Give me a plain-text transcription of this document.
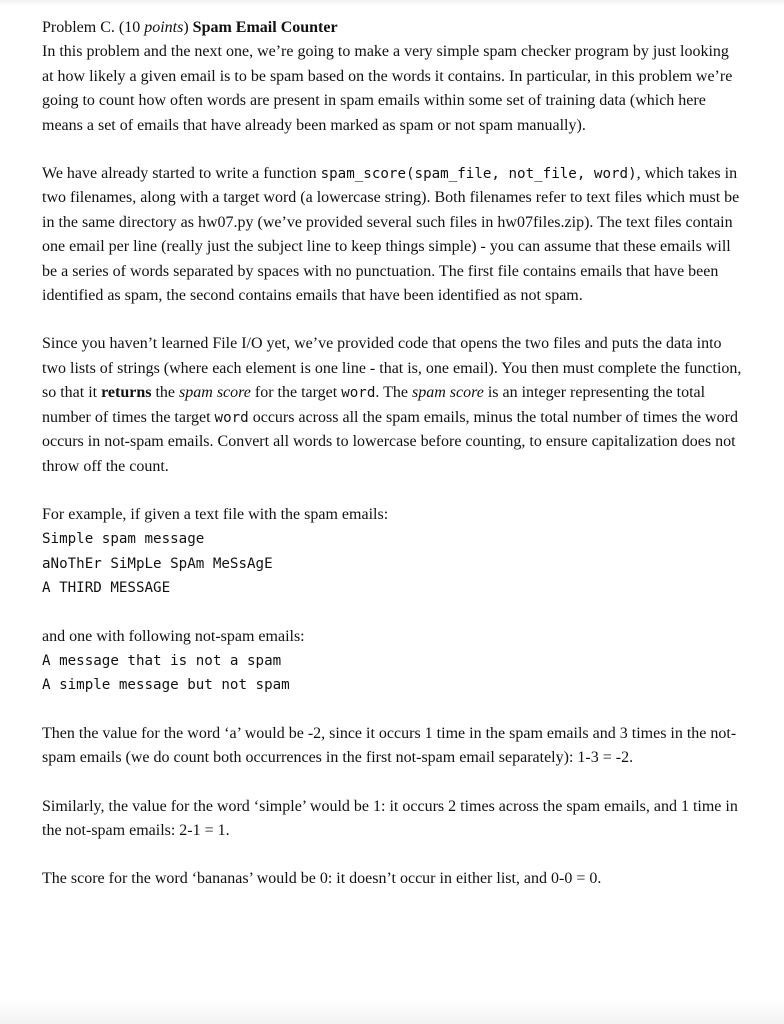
Problem C. (10 points) Spam Email Counter

In this problem and the next one, we’re going to make a very simple spam checker program by just looking at how likely a given email is to be spam based on the words it contains. In particular, in this problem we’re going to count how often words are present in spam emails within some set of training data (which here means a set of emails that have already been marked as spam or not spam manually).

We have already started to write a function spam_score(spam_file, not_file, word), which takes in two filenames, along with a target word (a lowercase string). Both filenames refer to text files which must be in the same directory as hw07.py (we’ve provided several such files in hw07files.zip). The text files contain one email per line (really just the subject line to keep things simple) - you can assume that these emails will be a series of words separated by spaces with no punctuation. The first file contains emails that have been identified as spam, the second contains emails that have been identified as not spam.

Since you haven’t learned File I/O yet, we’ve provided code that opens the two files and puts the data into two lists of strings (where each element is one line - that is, one email). You then must complete the function, so that it returns the spam score for the target word. The spam score is an integer representing the total number of times the target word occurs across all the spam emails, minus the total number of times the word occurs in not-spam emails. Convert all words to lowercase before counting, to ensure capitalization does not throw off the count.

For example, if given a text file with the spam emails:

Simple spam message
aNoThEr SiMpLe SpAm MeSsAgE
A THIRD MESSAGE

and one with following not-spam emails:

A message that is not a spam
A simple message but not spam

Then the value for the word ‘a’ would be -2, since it occurs 1 time in the spam emails and 3 times in the not-spam emails (we do count both occurrences in the first not-spam email separately): 1-3 = -2.

Similarly, the value for the word ‘simple’ would be 1: it occurs 2 times across the spam emails, and 1 time in the not-spam emails: 2-1 = 1.

The score for the word ‘bananas’ would be 0: it doesn’t occur in either list, and 0-0 = 0.
